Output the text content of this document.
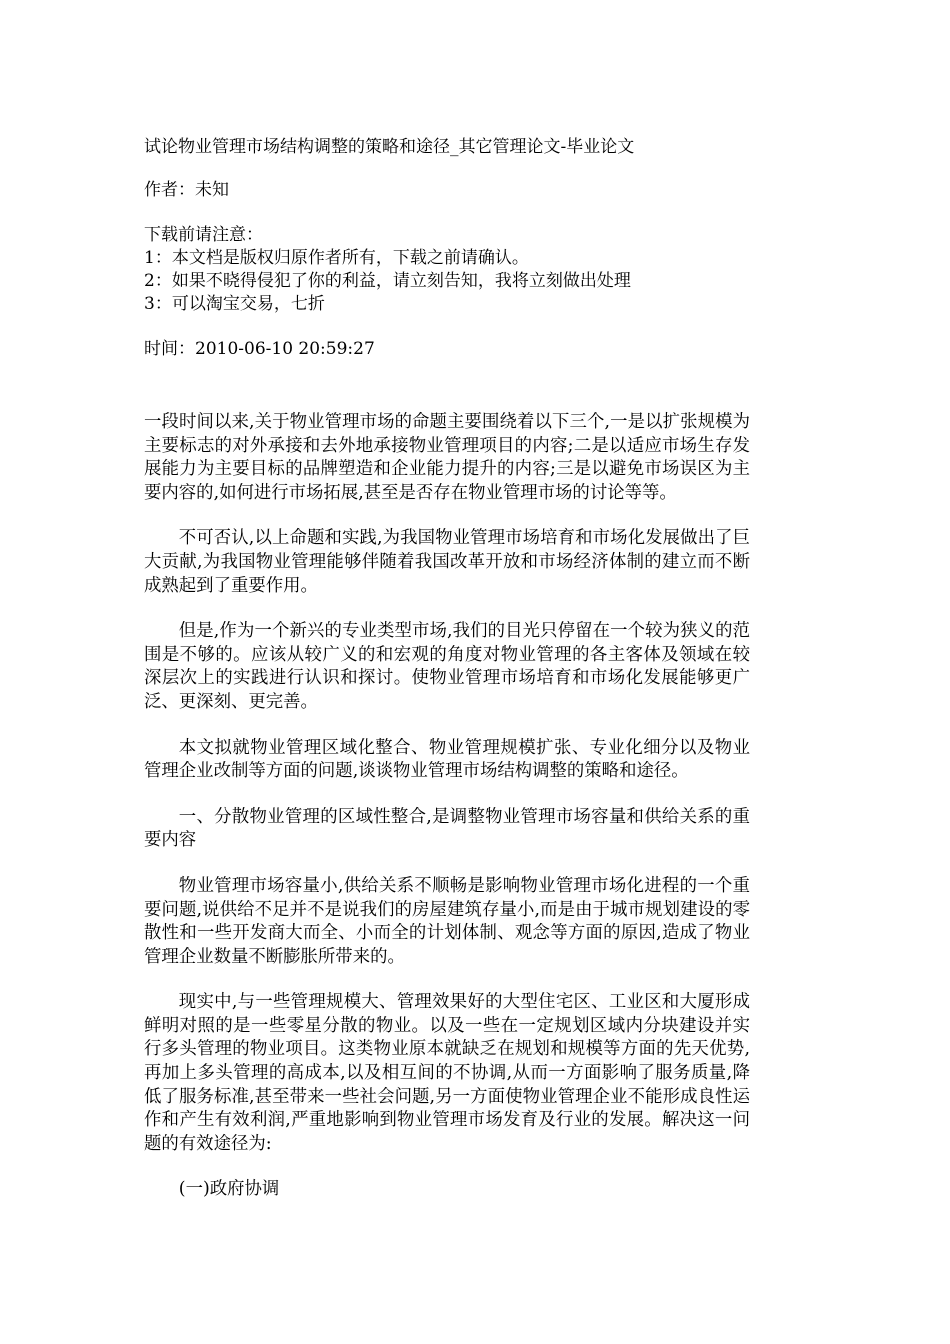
试论物业管理市场结构调整的策略和途径_其它管理论文-毕业论文

作者：未知

下载前请注意：
1：本文档是版权归原作者所有，下载之前请确认。
2：如果不晓得侵犯了你的利益，请立刻告知，我将立刻做出处理
3：可以淘宝交易，七折

时间：2010-06-10 20:59:27

一段时间以来,关于物业管理市场的命题主要围绕着以下三个,一是以扩张规模为主要标志的对外承接和去外地承接物业管理项目的内容;二是以适应市场生存发展能力为主要目标的品牌塑造和企业能力提升的内容;三是以避免市场误区为主要内容的,如何进行市场拓展,甚至是否存在物业管理市场的讨论等等。

不可否认,以上命题和实践,为我国物业管理市场培育和市场化发展做出了巨大贡献,为我国物业管理能够伴随着我国改革开放和市场经济体制的建立而不断成熟起到了重要作用。

但是,作为一个新兴的专业类型市场,我们的目光只停留在一个较为狭义的范围是不够的。应该从较广义的和宏观的角度对物业管理的各主客体及领域在较深层次上的实践进行认识和探讨。使物业管理市场培育和市场化发展能够更广泛、更深刻、更完善。

本文拟就物业管理区域化整合、物业管理规模扩张、专业化细分以及物业管理企业改制等方面的问题,谈谈物业管理市场结构调整的策略和途径。

一、分散物业管理的区域性整合,是调整物业管理市场容量和供给关系的重要内容

物业管理市场容量小,供给关系不顺畅是影响物业管理市场化进程的一个重要问题,说供给不足并不是说我们的房屋建筑存量小,而是由于城市规划建设的零散性和一些开发商大而全、小而全的计划体制、观念等方面的原因,造成了物业管理企业数量不断膨胀所带来的。

现实中,与一些管理规模大、管理效果好的大型住宅区、工业区和大厦形成鲜明对照的是一些零星分散的物业。以及一些在一定规划区域内分块建设并实行多头管理的物业项目。这类物业原本就缺乏在规划和规模等方面的先天优势,再加上多头管理的高成本,以及相互间的不协调,从而一方面影响了服务质量,降低了服务标准,甚至带来一些社会问题,另一方面使物业管理企业不能形成良性运作和产生有效利润,严重地影响到物业管理市场发育及行业的发展。解决这一问题的有效途径为:

(一)政府协调
